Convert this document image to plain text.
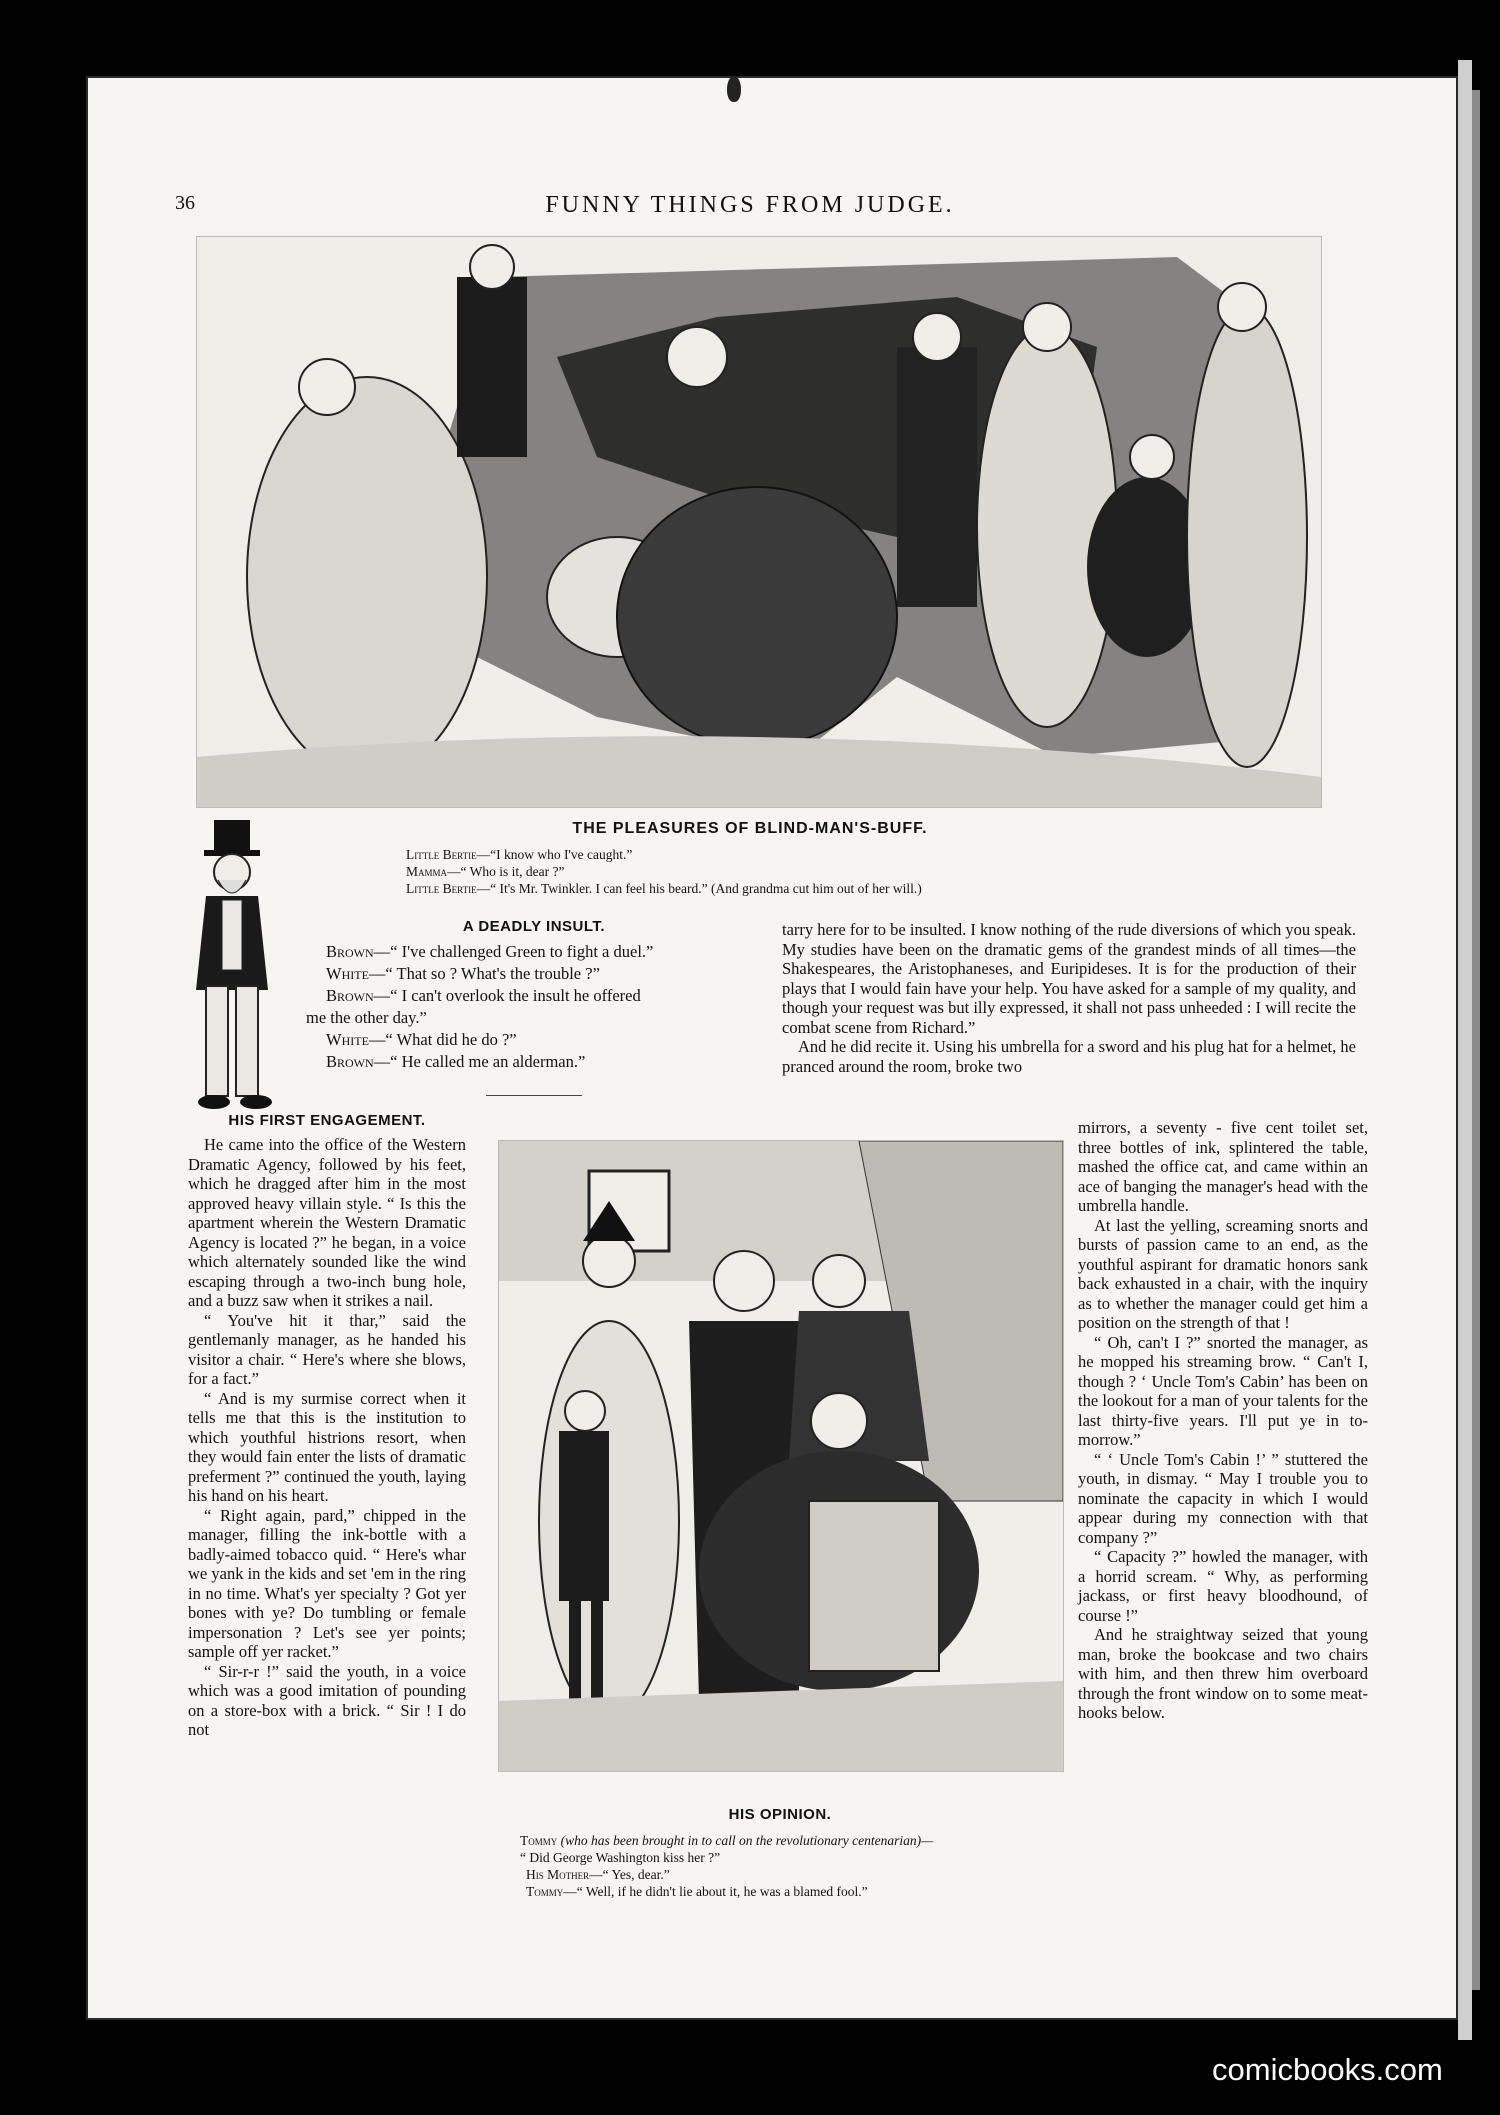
36	FUNNY THINGS FROM JUDGE.
THE PLEASURES OF BLIND-MAN'S-BUFF.
Little Bertie—“I know who I've caught.”
Mamma—“ Who is it, dear ?”
Little Bertie—“ It's Mr. Twinkler. I can feel his beard.” (And grandma cut him out of her will.)
A DEADLY INSULT.

Brown—“ I've challenged Green to fight a duel.”

White—“ That so ? What's the trouble ?”

Brown—“ I can't overlook the insult he offered

me the other day.”

White—“ What did he do ?”

Brown—“ He called me an alderman.”

HIS FIRST ENGAGEMENT.

He came into the office of the Western Dramatic Agency, followed by his feet, which he dragged after him in the most approved heavy villain style. “ Is this the apartment wherein the Western Dramatic Agency is located ?” he began, in a voice which alternately sounded like the wind escaping through a two-inch bung hole, and a buzz saw when it strikes a nail.

“ You've hit it thar,” said the gentlemanly manager, as he handed his visitor a chair. “ Here's where she blows, for a fact.”

“ And is my surmise correct when it tells me that this is the institution to which youthful histrions resort, when they would fain enter the lists of dramatic preferment ?” continued the youth, laying his hand on his heart.

“ Right again, pard,” chipped in the manager, filling the ink-bottle with a badly-aimed tobacco quid. “ Here's whar we yank in the kids and set 'em in the ring in no time. What's yer specialty ? Got yer bones with ye? Do tumbling or female impersonation ? Let's see yer points; sample off yer racket.”

“ Sir-r-r !” said the youth, in a voice which was a good imitation of pounding on a store-box with a brick. “ Sir ! I do not

tarry here for to be insulted. I know nothing of the rude diversions of which you speak. My studies have been on the dramatic gems of the grandest minds of all times—the Shakespeares, the Aristophaneses, and Euripideses. It is for the production of their plays that I would fain have your help. You have asked for a sample of my quality, and though your request was but illy expressed, it shall not pass unheeded : I will recite the combat scene from Richard.”

And he did recite it. Using his umbrella for a sword and his plug hat for a helmet, he pranced around the room, broke two

HIS OPINION.

Tommy (who has been brought in to call on the revolutionary centenarian)—

“ Did George Washington kiss her ?”

His Mother—“ Yes, dear.”

Tommy—“ Well, if he didn't lie about it, he was a blamed fool.”

mirrors, a seventy - five cent toilet set, three bottles of ink, splintered the table, mashed the office cat, and came within an ace of banging the manager's head with the umbrella handle.

At last the yelling, screaming snorts and bursts of passion came to an end, as the youthful aspirant for dramatic honors sank back exhausted in a chair, with the inquiry as to whether the manager could get him a position on the strength of that !

“ Oh, can't I ?” snorted the manager, as he mopped his streaming brow. “ Can't I, though ? ‘ Uncle Tom's Cabin’ has been on the lookout for a man of your talents for the last thirty-five years. I'll put ye in to-morrow.”

“ ‘ Uncle Tom's Cabin !’ ” stuttered the youth, in dismay. “ May I trouble you to nominate the capacity in which I would appear during my connection with that company ?”

“ Capacity ?” howled the manager, with a horrid scream. “ Why, as performing jackass, or first heavy bloodhound, of course !”

And he straightway seized that young man, broke the bookcase and two chairs with him, and then threw him overboard through the front window on to some meat-hooks below.

comicbooks.com
